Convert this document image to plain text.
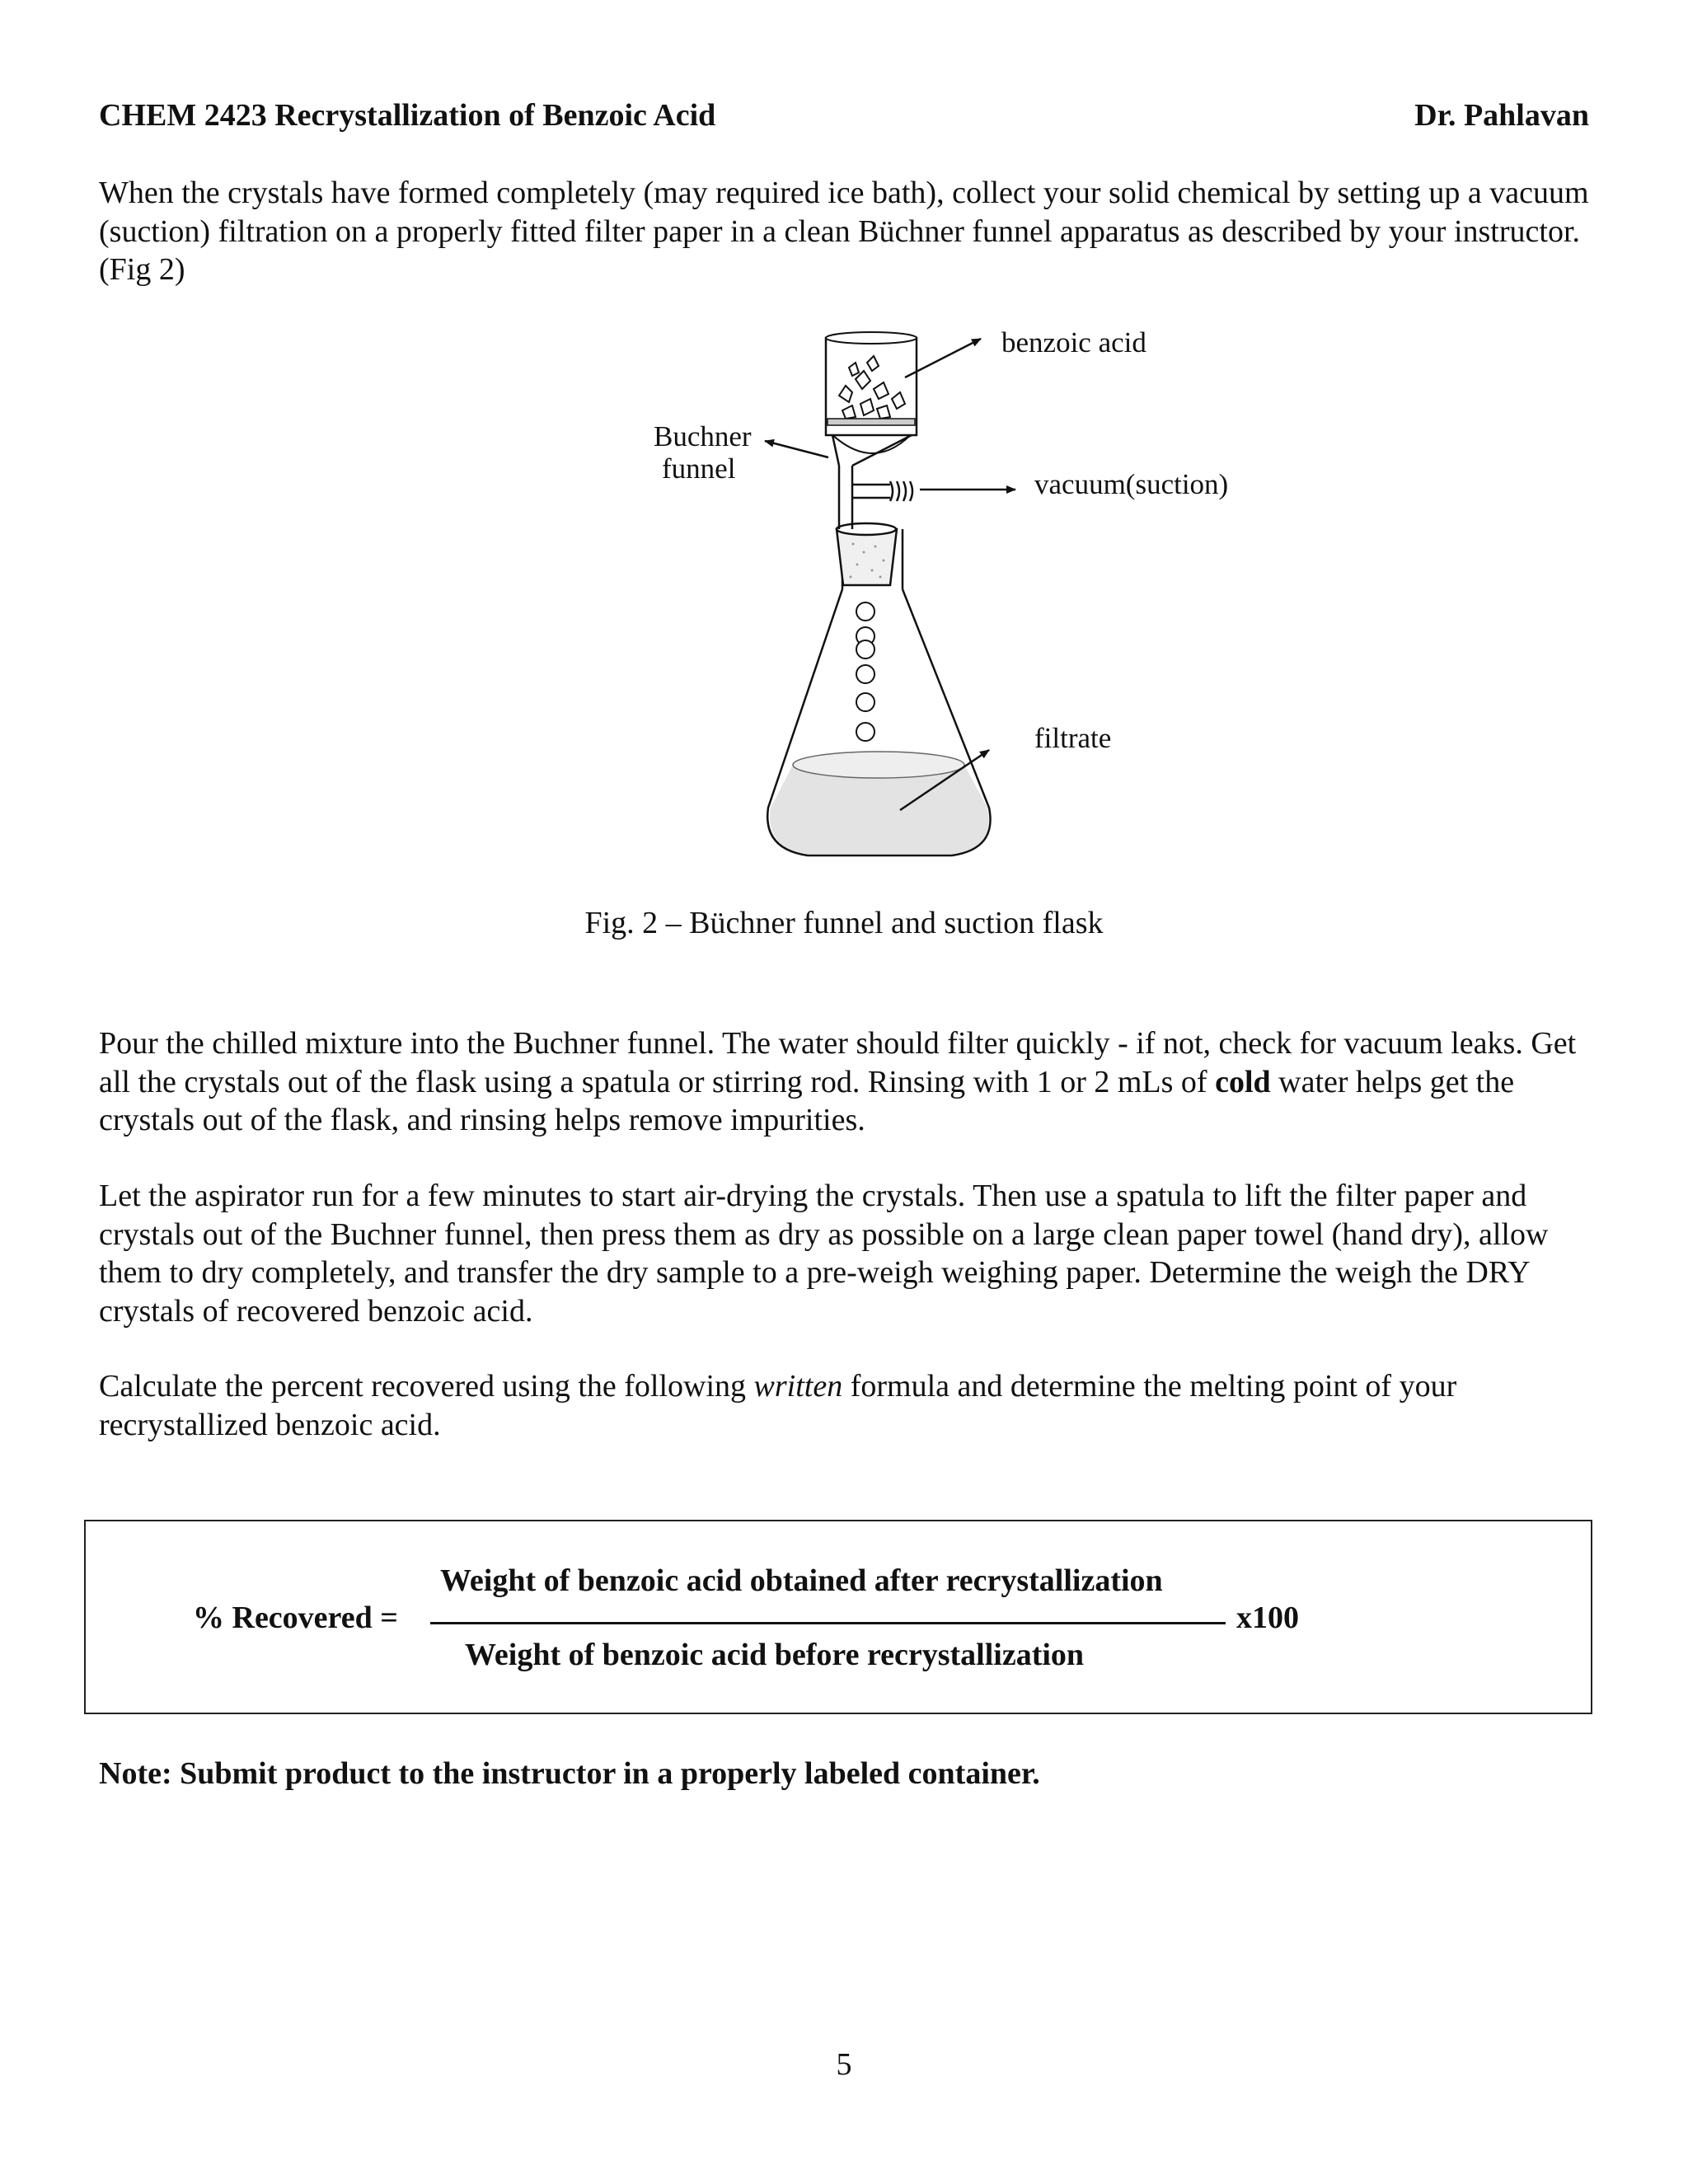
CHEM 2423 Recrystallization of Benzoic Acid	Dr. Pahlavan

When the crystals have formed completely (may required ice bath), collect your solid chemical by setting up a vacuum (suction) filtration on a properly fitted filter paper in a clean Büchner funnel apparatus as described by your instructor. (Fig 2)

benzoic acid
Buchner
funnel	vacuum(suction)
filtrate
Fig. 2 – Büchner funnel and suction flask

Pour the chilled mixture into the Buchner funnel. The water should filter quickly - if not, check for vacuum leaks. Get all the crystals out of the flask using a spatula or stirring rod. Rinsing with 1 or 2 mLs of cold water helps get the crystals out of the flask, and rinsing helps remove impurities.

Let the aspirator run for a few minutes to start air-drying the crystals. Then use a spatula to lift the filter paper and crystals out of the Buchner funnel, then press them as dry as possible on a large clean paper towel (hand dry), allow them to dry completely, and transfer the dry sample to a pre-weigh weighing paper. Determine the weigh the DRY crystals of recovered benzoic acid.

Calculate the percent recovered using the following written formula and determine the melting point of your recrystallized benzoic acid.

Weight of benzoic acid obtained after recrystallization
% Recovered =	x100
Weight of benzoic acid before recrystallization
Note: Submit product to the instructor in a properly labeled container.
5
